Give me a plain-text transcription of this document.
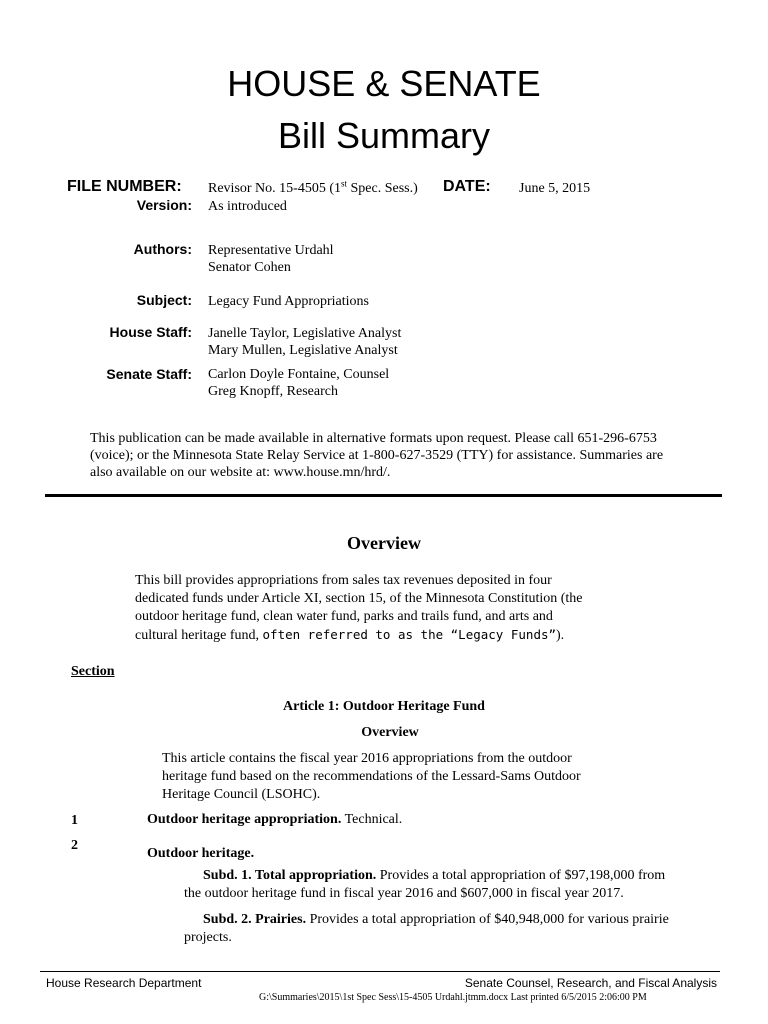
HOUSE & SENATE
Bill Summary
FILE NUMBER: Revisor No. 15-4505 (1st Spec. Sess.) DATE: June 5, 2015
Version: As introduced
Authors: Representative Urdahl
Senator Cohen
Subject: Legacy Fund Appropriations
House Staff: Janelle Taylor, Legislative Analyst
Mary Mullen, Legislative Analyst
Senate Staff: Carlon Doyle Fontaine, Counsel
Greg Knopff, Research
This publication can be made available in alternative formats upon request. Please call 651-296-6753
(voice); or the Minnesota State Relay Service at 1-800-627-3529 (TTY) for assistance. Summaries are
also available on our website at: www.house.mn/hrd/.
Overview
This bill provides appropriations from sales tax revenues deposited in four
dedicated funds under Article XI, section 15, of the Minnesota Constitution (the
outdoor heritage fund, clean water fund, parks and trails fund, and arts and
cultural heritage fund, often referred to as the “Legacy Funds”).
Section
Article 1: Outdoor Heritage Fund
Overview
This article contains the fiscal year 2016 appropriations from the outdoor
heritage fund based on the recommendations of the Lessard-Sams Outdoor
Heritage Council (LSOHC).
1	Outdoor heritage appropriation. Technical.
2
Outdoor heritage.
Subd. 1. Total appropriation. Provides a total appropriation of $97,198,000 from
the outdoor heritage fund in fiscal year 2016 and $607,000 in fiscal year 2017.
Subd. 2. Prairies. Provides a total appropriation of $40,948,000 for various prairie
projects.
House Research Department	Senate Counsel, Research, and Fiscal Analysis
G:\Summaries\2015\1st Spec Sess\15-4505 Urdahl.jtmm.docx Last printed 6/5/2015 2:06:00 PM
